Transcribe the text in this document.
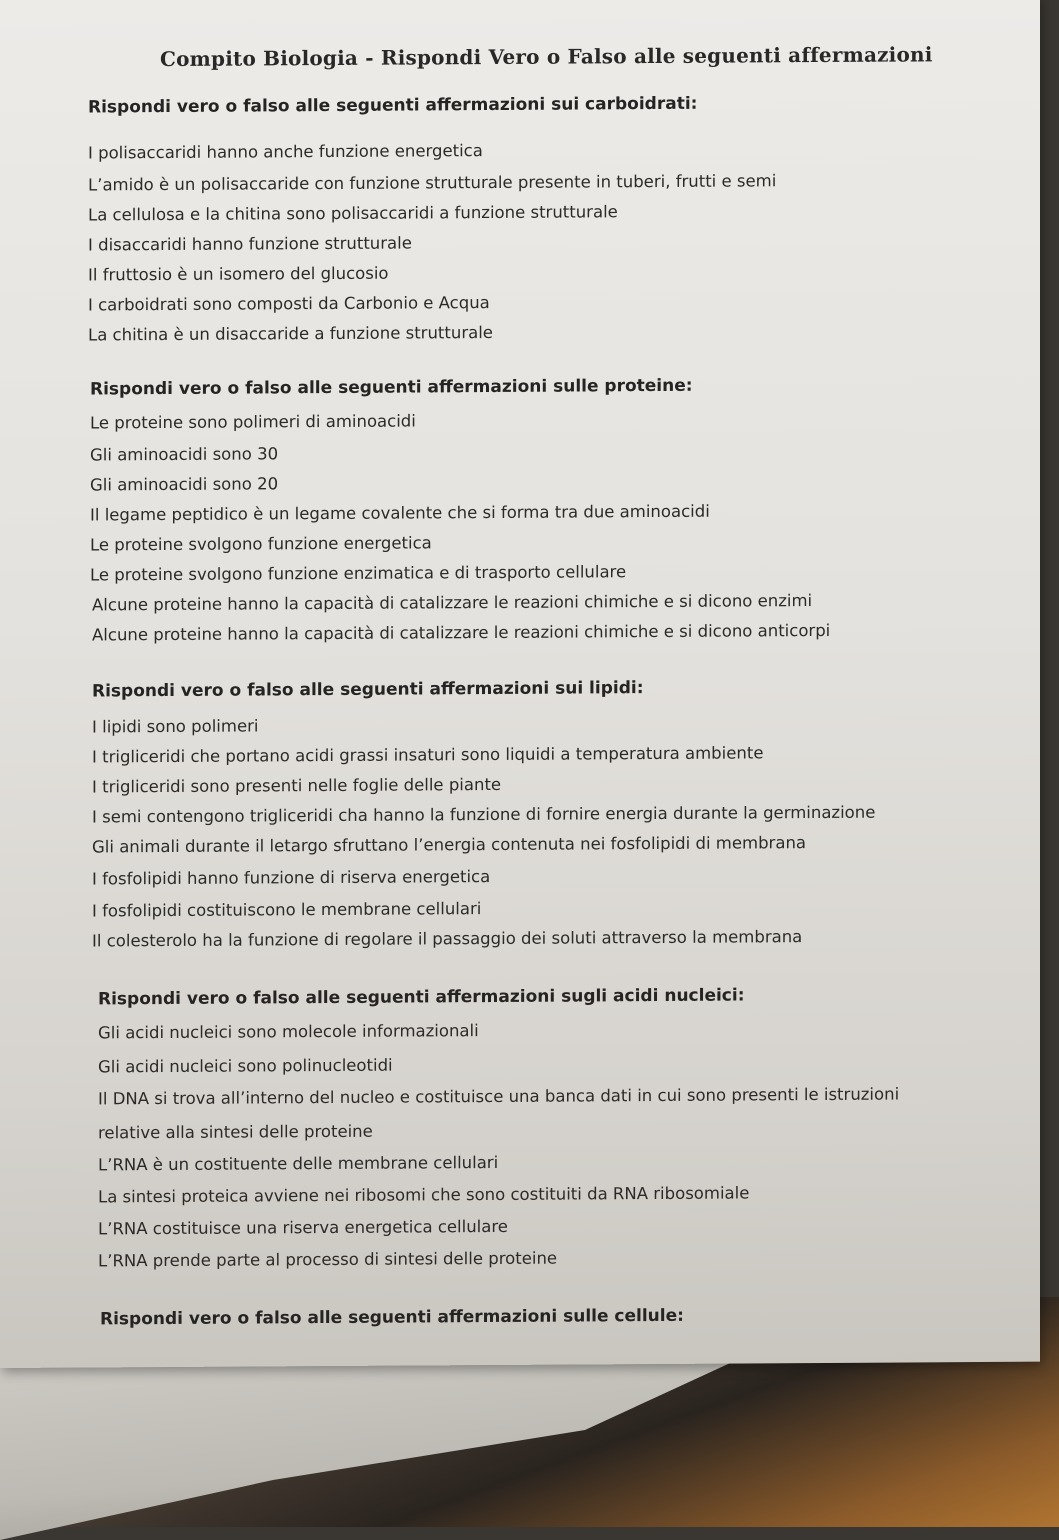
Compito Biologia - Rispondi Vero o Falso alle seguenti affermazioni
Rispondi vero o falso alle seguenti affermazioni sui carboidrati:
I polisaccaridi hanno anche funzione energetica
L’amido è un polisaccaride con funzione strutturale presente in tuberi, frutti e semi
La cellulosa e la chitina sono polisaccaridi a funzione strutturale
I disaccaridi hanno funzione strutturale
Il fruttosio è un isomero del glucosio
I carboidrati sono composti da Carbonio e Acqua
La chitina è un disaccaride a funzione strutturale
Rispondi vero o falso alle seguenti affermazioni sulle proteine:
Le proteine sono polimeri di aminoacidi
Gli aminoacidi sono 30
Gli aminoacidi sono 20
Il legame peptidico è un legame covalente che si forma tra due aminoacidi
Le proteine svolgono funzione energetica
Le proteine svolgono funzione enzimatica e di trasporto cellulare
Alcune proteine hanno la capacità di catalizzare le reazioni chimiche e si dicono enzimi
Alcune proteine hanno la capacità di catalizzare le reazioni chimiche e si dicono anticorpi
Rispondi vero o falso alle seguenti affermazioni sui lipidi:
I lipidi sono polimeri
I trigliceridi che portano acidi grassi insaturi sono liquidi a temperatura ambiente
I trigliceridi sono presenti nelle foglie delle piante
I semi contengono trigliceridi cha hanno la funzione di fornire energia durante la germinazione
Gli animali durante il letargo sfruttano l’energia contenuta nei fosfolipidi di membrana
I fosfolipidi hanno funzione di riserva energetica
I fosfolipidi costituiscono le membrane cellulari
Il colesterolo ha la funzione di regolare il passaggio dei soluti attraverso la membrana
Rispondi vero o falso alle seguenti affermazioni sugli acidi nucleici:
Gli acidi nucleici sono molecole informazionali
Gli acidi nucleici sono polinucleotidi
Il DNA si trova all’interno del nucleo e costituisce una banca dati in cui sono presenti le istruzioni
relative alla sintesi delle proteine
L’RNA è un costituente delle membrane cellulari
La sintesi proteica avviene nei ribosomi che sono costituiti da RNA ribosomiale
L’RNA costituisce una riserva energetica cellulare
L’RNA prende parte al processo di sintesi delle proteine
Rispondi vero o falso alle seguenti affermazioni sulle cellule:
